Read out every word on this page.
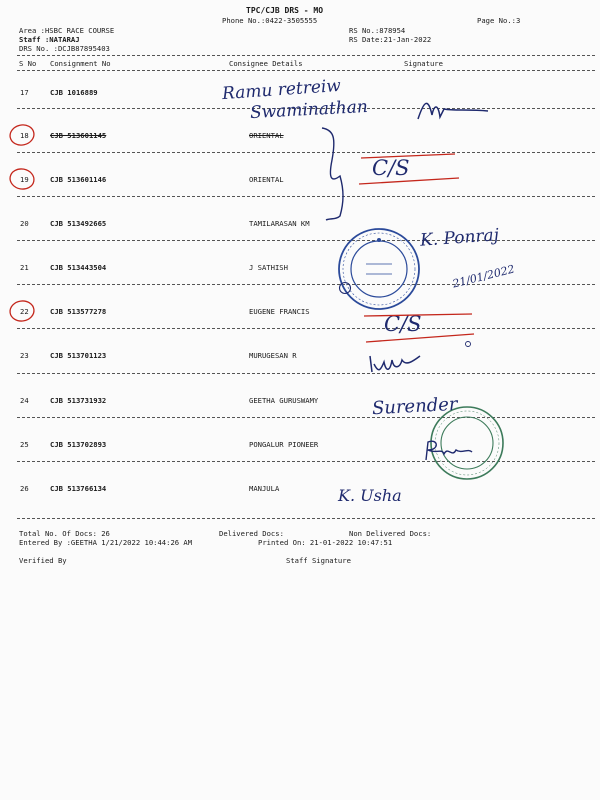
TPC/CJB DRS - MO
Phone No.:0422-3505555	Page No.:3
Area :HSBC RACE COURSE
Staff :NATARAJ
DRS No. :DCJB87895403
RS No.:878954
RS Date:21-Jan-2022
S No Consignment No	Consignee Details	Signature
17	CJB 1016889
18	CJB 513601145	ORIENTAL
19	CJB 513601146	ORIENTAL
20	CJB 513492665	TAMILARASAN KM
21	CJB 513443504	J SATHISH
22	CJB 513577278	EUGENE FRANCIS
23	CJB 513701123	MURUGESAN R
24	CJB 513731932	GEETHA GURUSWAMY
25	CJB 513702893	PONGALUR PIONEER
26	CJB 513766134	MANJULA
Total No. Of Docs: 26	Delivered Docs:	Non Delivered Docs:
Entered By :GEETHA 1/21/2022 10:44:26 AM	Printed On: 21-01-2022 10:47:51
Verified By	Staff Signature
Ramu retreiw
Swaminathan
C/S
K. Ponraj
21/01/2022
C/S
Surender
K. Usha
